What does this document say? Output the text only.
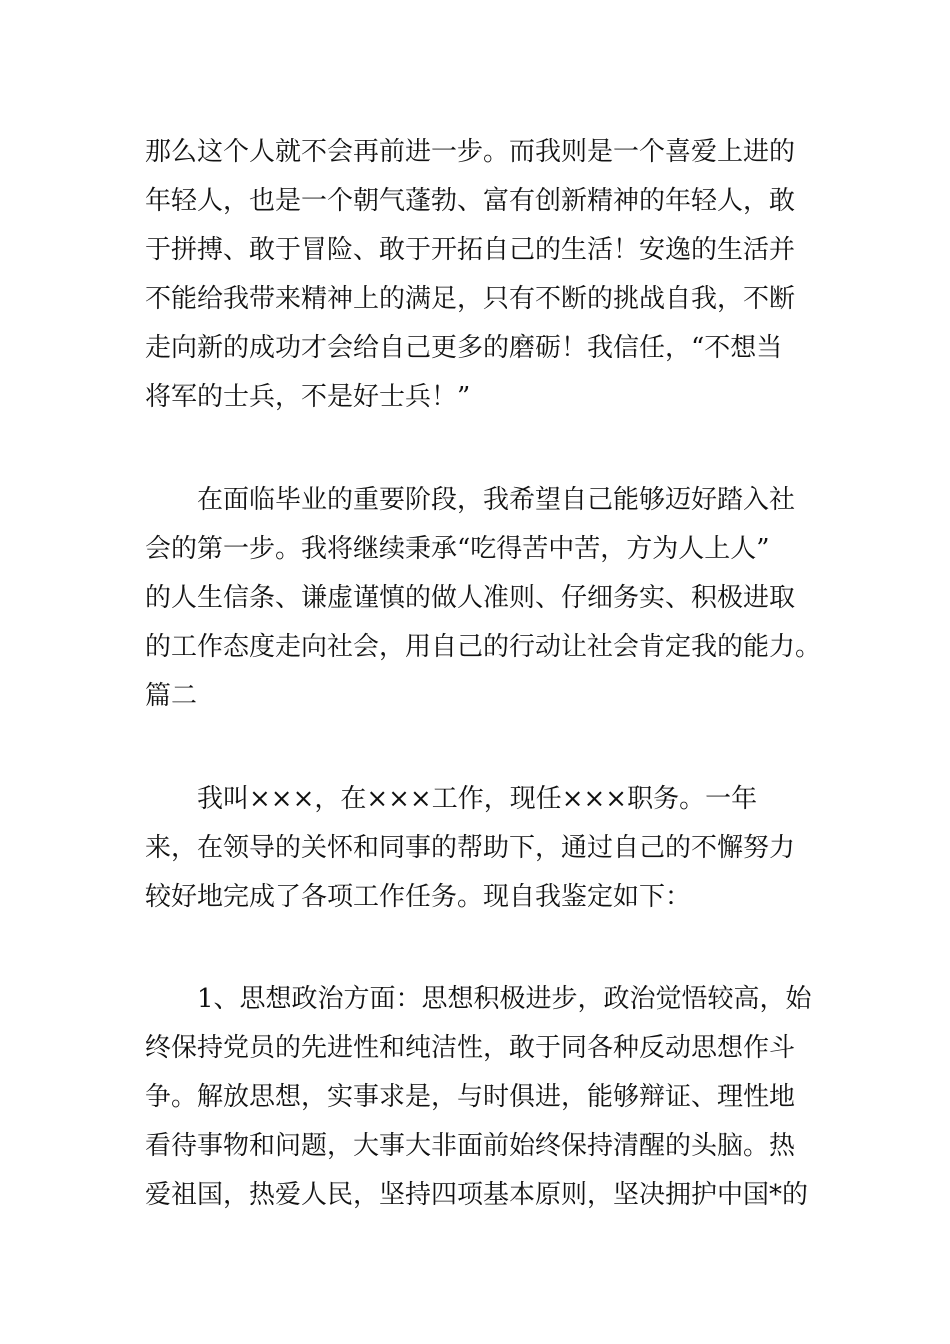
那么这个人就不会再前进一步。而我则是一个喜爱上进的

年轻人，也是一个朝气蓬勃、富有创新精神的年轻人，敢

于拼搏、敢于冒险、敢于开拓自己的生活！安逸的生活并

不能给我带来精神上的满足，只有不断的挑战自我，不断

走向新的成功才会给自己更多的磨砺！我信任，“不想当

将军的士兵，不是好士兵！”

在面临毕业的重要阶段，我希望自己能够迈好踏入社

会的第一步。我将继续秉承“吃得苦中苦，方为人上人”

的人生信条、谦虚谨慎的做人准则、仔细务实、积极进取

的工作态度走向社会，用自己的行动让社会肯定我的能力。

篇二

我叫×××，在×××工作，现任×××职务。一年

来，在领导的关怀和同事的帮助下，通过自己的不懈努力

较好地完成了各项工作任务。现自我鉴定如下：

1、思想政治方面：思想积极进步，政治觉悟较高，始

终保持党员的先进性和纯洁性，敢于同各种反动思想作斗

争。解放思想，实事求是，与时俱进，能够辩证、理性地

看待事物和问题，大事大非面前始终保持清醒的头脑。热

爱祖国，热爱人民，坚持四项基本原则，坚决拥护中国*的
